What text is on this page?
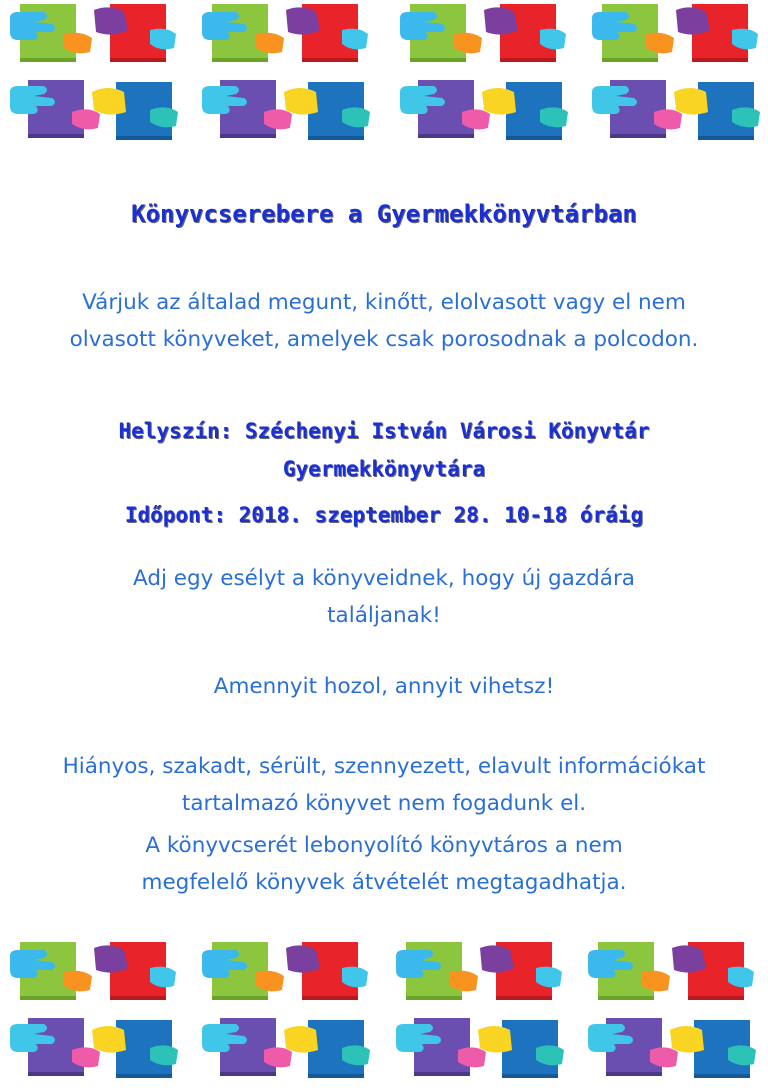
Könyvcserebere a Gyermekkönyvtárban
Várjuk az általad megunt, kinőtt, elolvasott vagy el nem olvasott könyveket, amelyek csak porosodnak a polcodon.
Helyszín: Széchenyi István Városi Könyvtár Gyermekkönyvtára
Időpont: 2018. szeptember 28. 10-18 óráig
Adj egy esélyt a könyveidnek, hogy új gazdára találjanak!
Amennyit hozol, annyit vihetsz!
Hiányos, szakadt, sérült, szennyezett, elavult információkat tartalmazó könyvet nem fogadunk el.
A könyvcserét lebonyolító könyvtáros a nem megfelelő könyvek átvételét megtagadhatja.
